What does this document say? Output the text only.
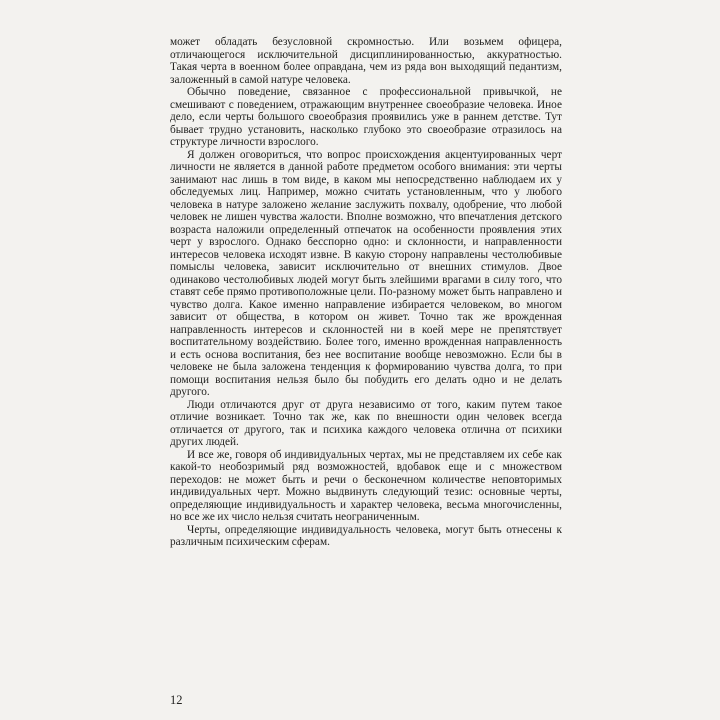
может обладать безусловной скромностью. Или возьмем офицера, отличающегося исключительной дисциплинированностью, аккуратностью. Такая черта в военном более оправдана, чем из ряда вон выходящий педантизм, заложенный в самой натуре человека.

Обычно поведение, связанное с профессиональной привычкой, не смешивают с поведением, отражающим внутреннее своеобразие человека. Иное дело, если черты большого своеобразия проявились уже в раннем детстве. Тут бывает трудно установить, насколько глубоко это своеобразие отразилось на структуре личности взрослого.

Я должен оговориться, что вопрос происхождения акцентуированных черт личности не является в данной работе предметом особого внимания: эти черты занимают нас лишь в том виде, в каком мы непосредственно наблюдаем их у обследуемых лиц. Например, можно считать установленным, что у любого человека в натуре заложено желание заслужить похвалу, одобрение, что любой человек не лишен чувства жалости. Вполне возможно, что впечатления детского возраста наложили определенный отпечаток на особенности проявления этих черт у взрослого. Однако бесспорно одно: и склонности, и направленности интересов человека исходят извне. В какую сторону направлены честолюбивые помыслы человека, зависит исключительно от внешних стимулов. Двое одинаково честолюбивых людей могут быть злейшими врагами в силу того, что ставят себе прямо противоположные цели. По-разному может быть направлено и чувство долга. Какое именно направление избирается человеком, во многом зависит от общества, в котором он живет. Точно так же врожденная направленность интересов и склонностей ни в коей мере не препятствует воспитательному воздействию. Более того, именно врожденная направленность и есть основа воспитания, без нее воспитание вообще невозможно. Если бы в человеке не была заложена тенденция к формированию чувства долга, то при помощи воспитания нельзя было бы побудить его делать одно и не делать другого.

Люди отличаются друг от друга независимо от того, каким путем такое отличие возникает. Точно так же, как по внешности один человек всегда отличается от другого, так и психика каждого человека отлична от психики других людей.

И все же, говоря об индивидуальных чертах, мы не представляем их себе как какой-то необозримый ряд возможностей, вдобавок еще и с множеством переходов: не может быть и речи о бесконечном количестве неповторимых индивидуальных черт. Можно выдвинуть следующий тезис: основные черты, определяющие индивидуальность и характер человека, весьма многочисленны, но все же их число нельзя считать неограниченным.

Черты, определяющие индивидуальность человека, могут быть отнесены к различным психическим сферам.

12
